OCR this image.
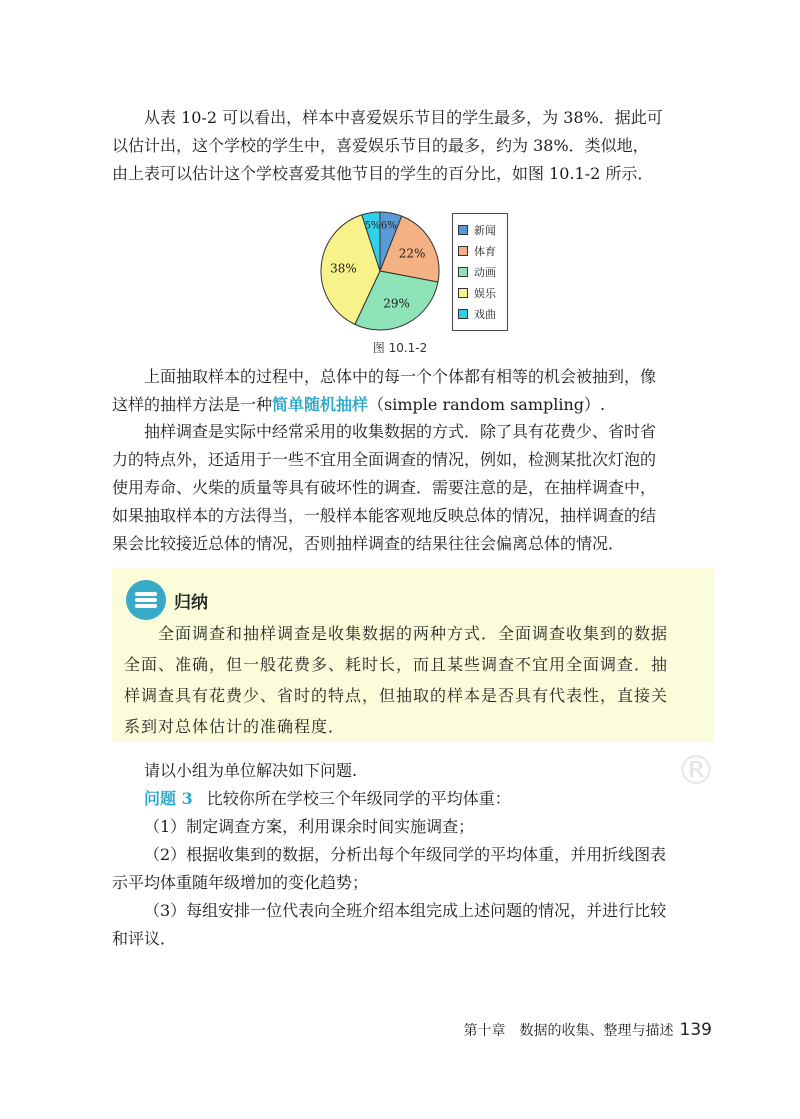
从表 10-2 可以看出，样本中喜爱娱乐节目的学生最多，为 38%．据此可
以估计出，这个学校的学生中，喜爱娱乐节目的最多，约为 38%．类似地，
由上表可以估计这个学校喜爱其他节目的学生的百分比，如图 10.1-2 所示．

6%
22%
29%
38%
5%	新闻
体育
动画
娱乐
戏曲
图 10.1-2

上面抽取样本的过程中，总体中的每一个个体都有相等的机会被抽到，像
这样的抽样方法是一种简单随机抽样（simple random sampling）.

抽样调查是实际中经常采用的收集数据的方式．除了具有花费少、省时省
力的特点外，还适用于一些不宜用全面调查的情况，例如，检测某批次灯泡的
使用寿命、火柴的质量等具有破坏性的调查．需要注意的是，在抽样调查中，
如果抽取样本的方法得当，一般样本能客观地反映总体的情况，抽样调查的结
果会比较接近总体的情况，否则抽样调查的结果往往会偏离总体的情况．

归纳
全面调查和抽样调查是收集数据的两种方式．全面调查收集到的数据
全面、准确，但一般花费多、耗时长，而且某些调查不宜用全面调查．抽
样调查具有花费少、省时的特点，但抽取的样本是否具有代表性，直接关
系到对总体估计的准确程度．
®

请以小组为单位解决如下问题.
问题 3 比较你所在学校三个年级同学的平均体重：
（1）制定调查方案，利用课余时间实施调查；
（2）根据收集到的数据，分析出每个年级同学的平均体重，并用折线图表
示平均体重随年级增加的变化趋势；
（3）每组安排一位代表向全班介绍本组完成上述问题的情况，并进行比较
和评议．

第十章　数据的收集、整理与描述 139
